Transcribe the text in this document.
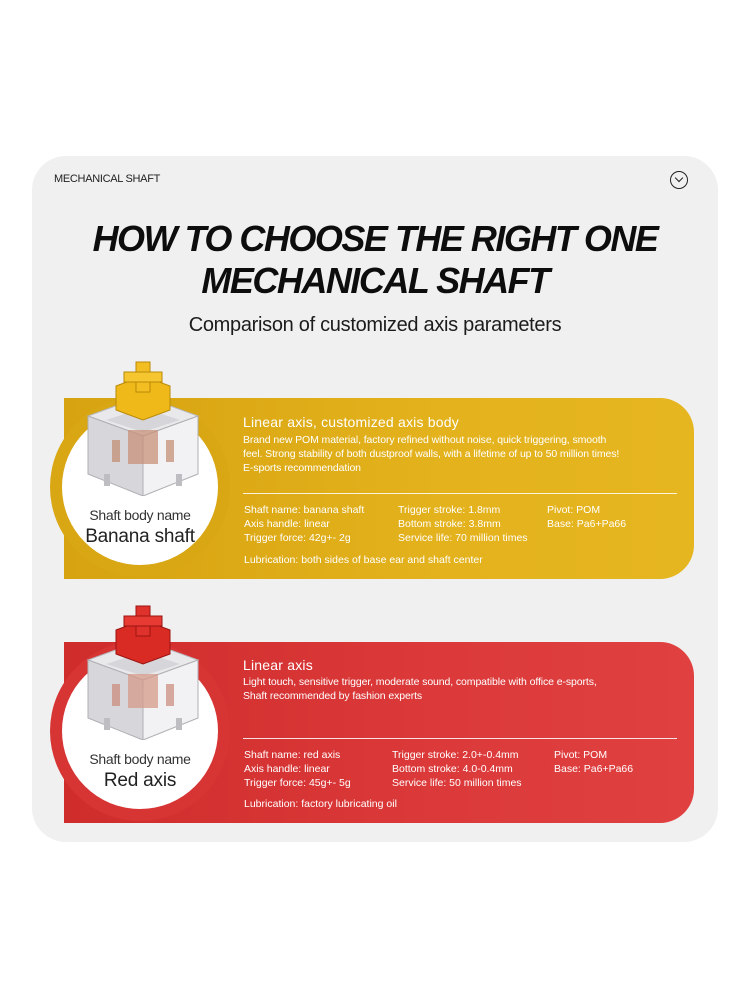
MECHANICAL SHAFT
HOW TO CHOOSE THE RIGHT ONE
MECHANICAL SHAFT
Comparison of customized axis parameters
Shaft body name
Banana shaft
Linear axis, customized axis body
Brand new POM material, factory refined without noise, quick triggering, smooth
feel. Strong stability of both dustproof walls, with a lifetime of up to 50 million times!
E-sports recommendation
Shaft name: banana shaft
Axis handle: linear
Trigger force: 42g+- 2g
Trigger stroke: 1.8mm
Bottom stroke: 3.8mm
Service life: 70 million times
Pivot: POM
Base: Pa6+Pa66
Lubrication: both sides of base ear and shaft center
Shaft body name
Red axis
Linear axis
Light touch, sensitive trigger, moderate sound, compatible with office e-sports,
Shaft recommended by fashion experts
Shaft name: red axis
Axis handle: linear
Trigger force: 45g+- 5g
Trigger stroke: 2.0+-0.4mm
Bottom stroke: 4.0-0.4mm
Service life: 50 million times
Pivot: POM
Base: Pa6+Pa66
Lubrication: factory lubricating oil
